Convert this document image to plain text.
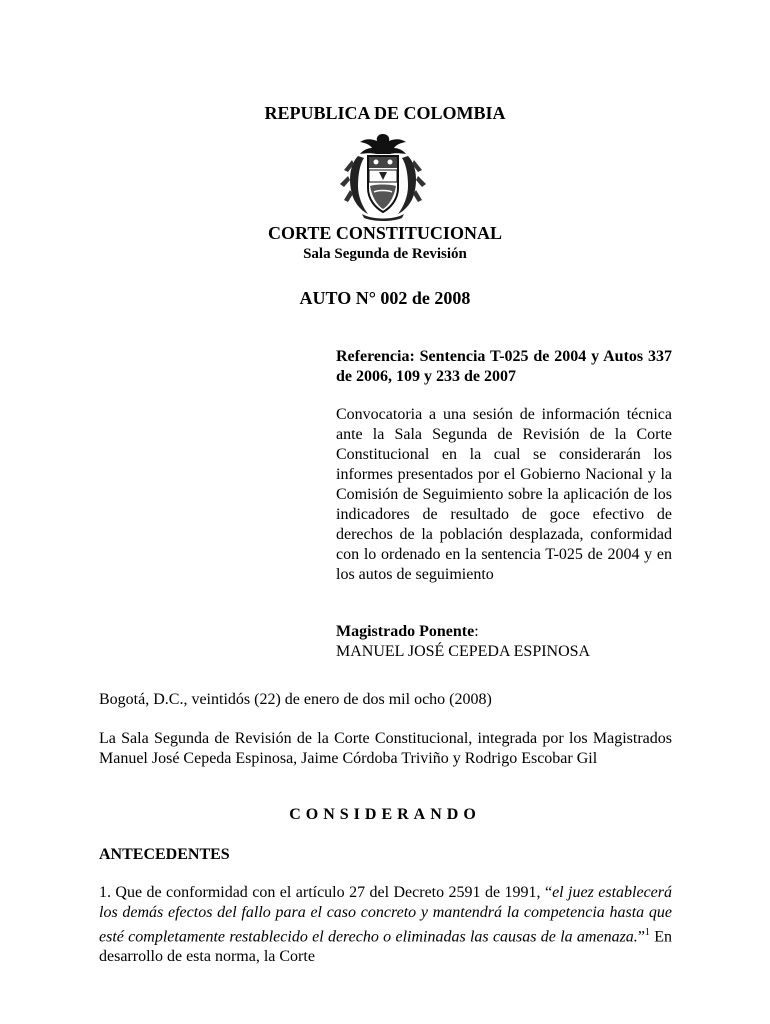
REPUBLICA DE COLOMBIA
CORTE CONSTITUCIONAL
Sala Segunda de Revisión
AUTO N° 002 de 2008

Referencia: Sentencia T-025 de 2004 y Autos 337 de 2006, 109 y 233 de 2007

Convocatoria a una sesión de información técnica ante la Sala Segunda de Revisión de la Corte Constitucional en la cual se considerarán los informes presentados por el Gobierno Nacional y la Comisión de Seguimiento sobre la aplicación de los indicadores de resultado de goce efectivo de derechos de la población desplazada, conformidad con lo ordenado en la sentencia T-025 de 2004 y en los autos de seguimiento

Magistrado Ponente:
MANUEL JOSÉ CEPEDA ESPINOSA

Bogotá, D.C., veintidós (22) de enero de dos mil ocho (2008)

La Sala Segunda de Revisión de la Corte Constitucional, integrada por los Magistrados Manuel José Cepeda Espinosa, Jaime Córdoba Triviño y Rodrigo Escobar Gil

CONSIDERANDO
ANTECEDENTES

1. Que de conformidad con el artículo 27 del Decreto 2591 de 1991, “el juez establecerá los demás efectos del fallo para el caso concreto y mantendrá la competencia hasta que esté completamente restablecido el derecho o eliminadas las causas de la amenaza.”$^1$ En desarrollo de esta norma, la Corte
